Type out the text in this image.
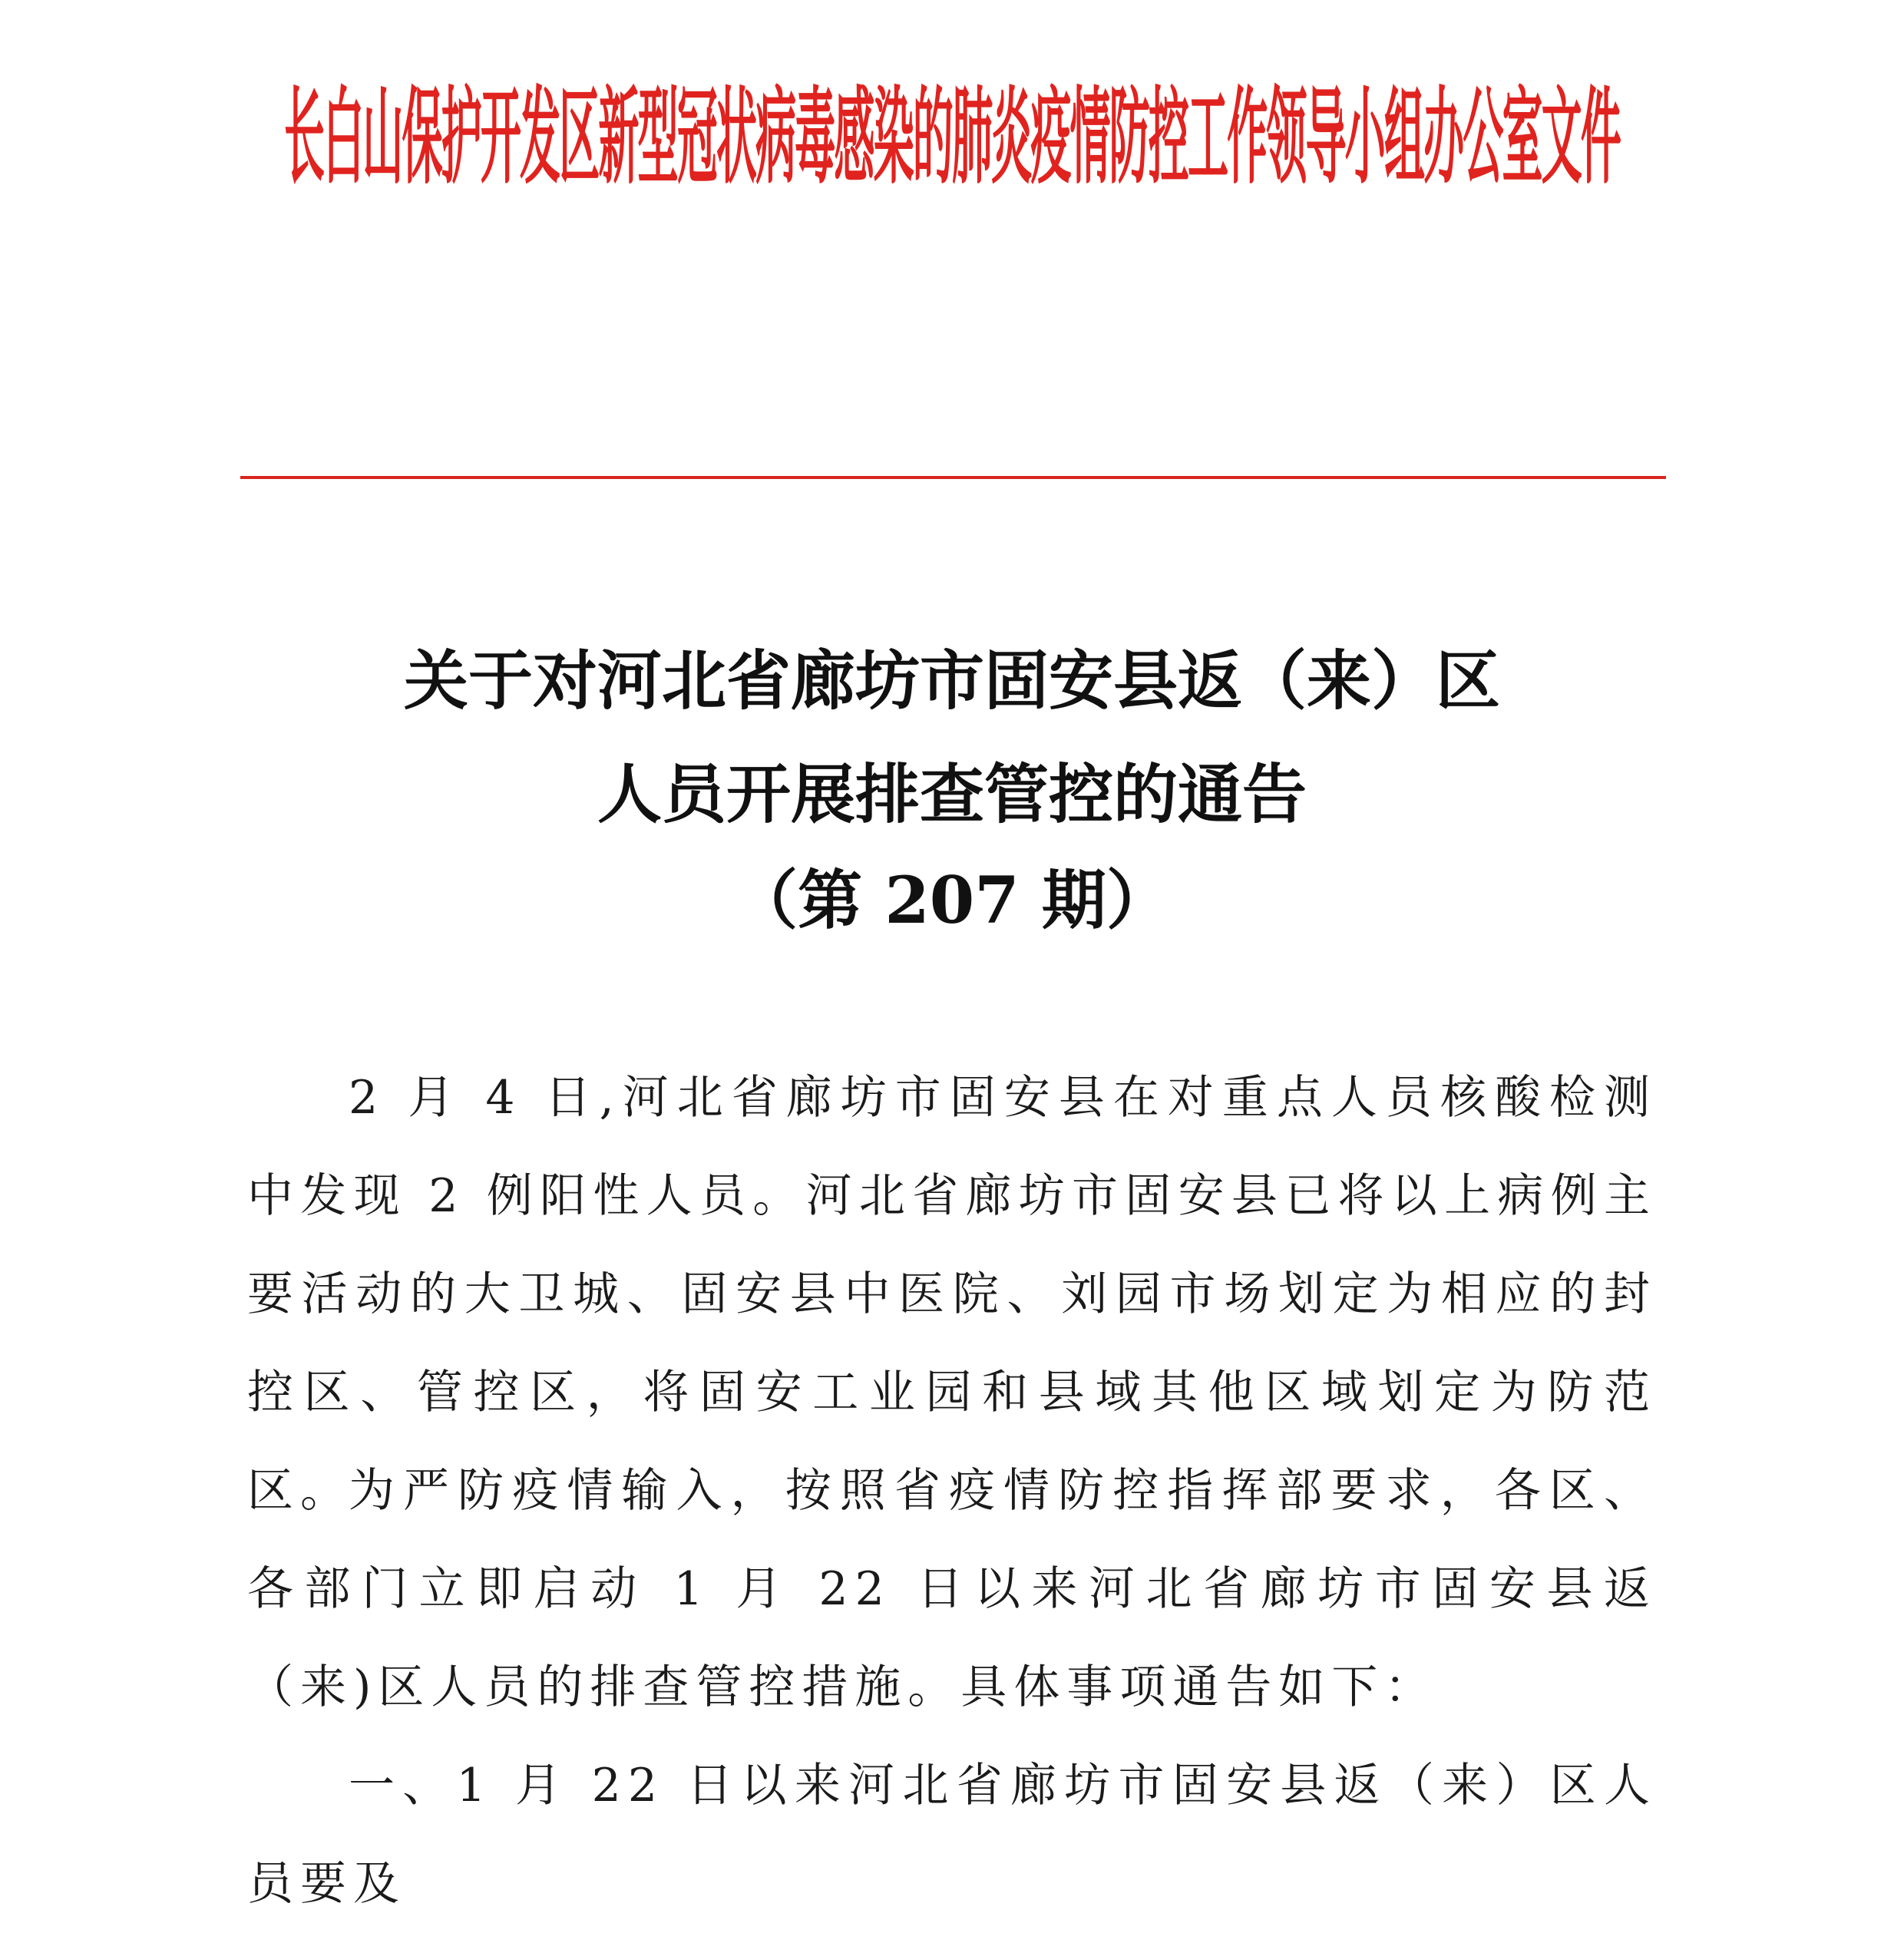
长白山保护开发区新型冠状病毒感染的肺炎疫情防控工作领导小组办公室文件
关于对河北省廊坊市固安县返（来）区
人员开展排查管控的通告
（第 207 期）

2 月 4 日,河北省廊坊市固安县在对重点人员核酸检测中发现 2 例阳性人员。河北省廊坊市固安县已将以上病例主要活动的大卫城、固安县中医院、刘园市场划定为相应的封控区、管控区，将固安工业园和县域其他区域划定为防范区。

为严防疫情输入，按照省疫情防控指挥部要求，各区、各部门立即启动 1 月 22 日以来河北省廊坊市固安县返（来)区人员的排查管控措施。具体事项通告如下：

一、1 月 22 日以来河北省廊坊市固安县返（来）区人员要及
